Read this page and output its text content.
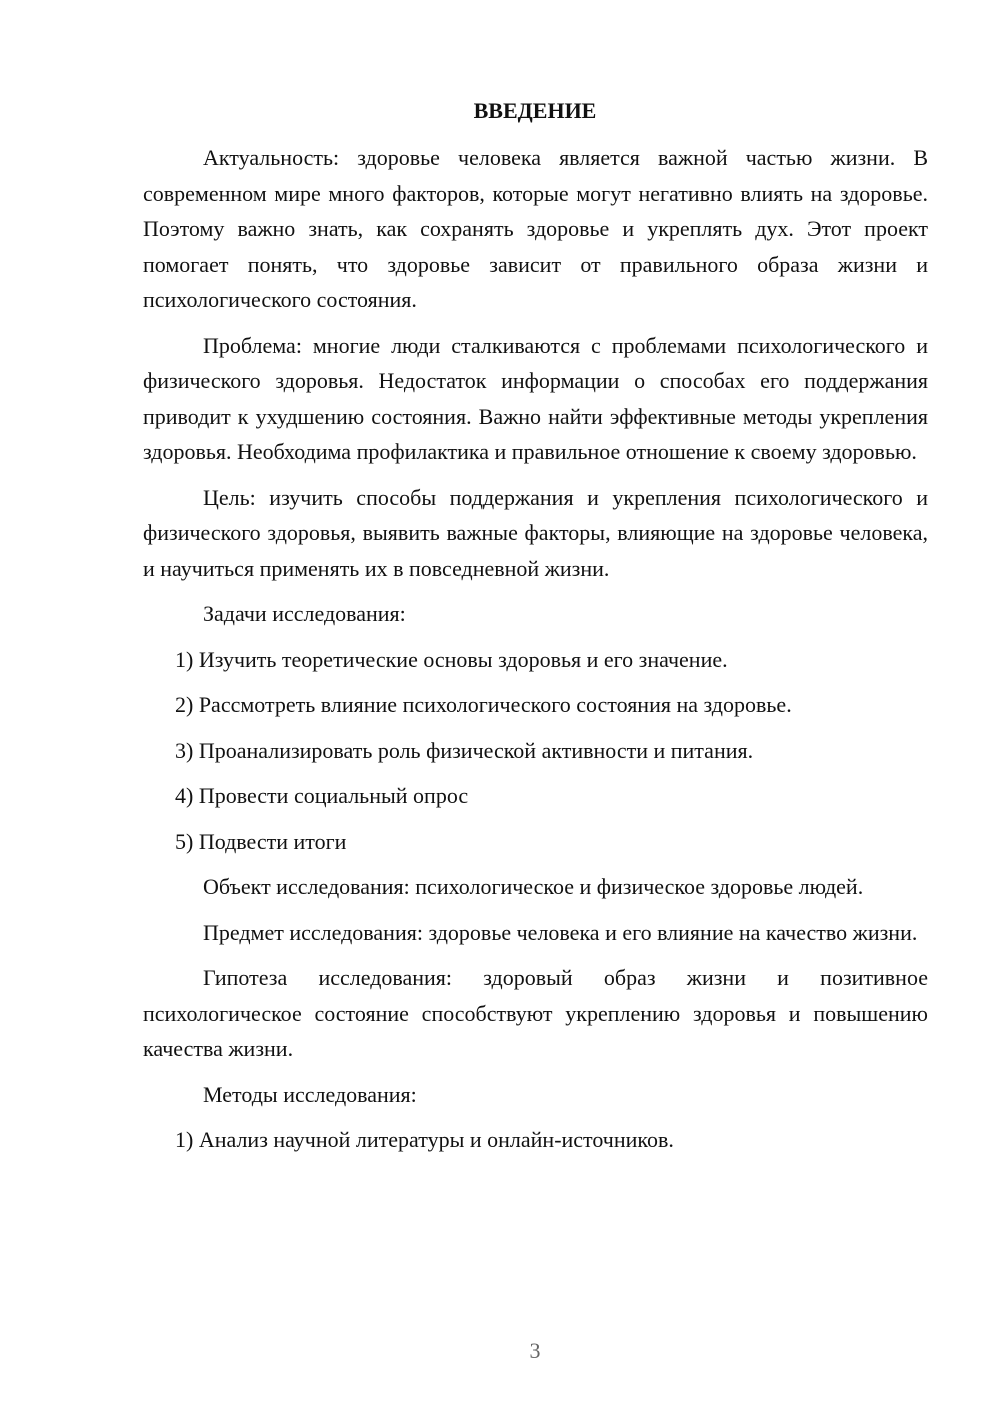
ВВЕДЕНИЕ

Актуальность: здоровье человека является важной частью жизни. В современном мире много факторов, которые могут негативно влиять на здоровье. Поэтому важно знать, как сохранять здоровье и укреплять дух. Этот проект помогает понять, что здоровье зависит от правильного образа жизни и психологического состояния.

Проблема: многие люди сталкиваются с проблемами психологического и физического здоровья. Недостаток информации о способах его поддержания приводит к ухудшению состояния. Важно найти эффективные методы укрепления здоровья. Необходима профилактика и правильное отношение к своему здоровью.

Цель: изучить способы поддержания и укрепления психологического и физического здоровья, выявить важные факторы, влияющие на здоровье человека, и научиться применять их в повседневной жизни.

Задачи исследования:

1) Изучить теоретические основы здоровья и его значение.

2) Рассмотреть влияние психологического состояния на здоровье.

3) Проанализировать роль физической активности и питания.

4) Провести социальный опрос

5) Подвести итоги

Объект исследования: психологическое и физическое здоровье людей.

Предмет исследования: здоровье человека и его влияние на качество жизни.

Гипотеза исследования: здоровый образ жизни и позитивное психологическое состояние способствуют укреплению здоровья и повышению качества жизни.

Методы исследования:

1) Анализ научной литературы и онлайн-источников.

3
